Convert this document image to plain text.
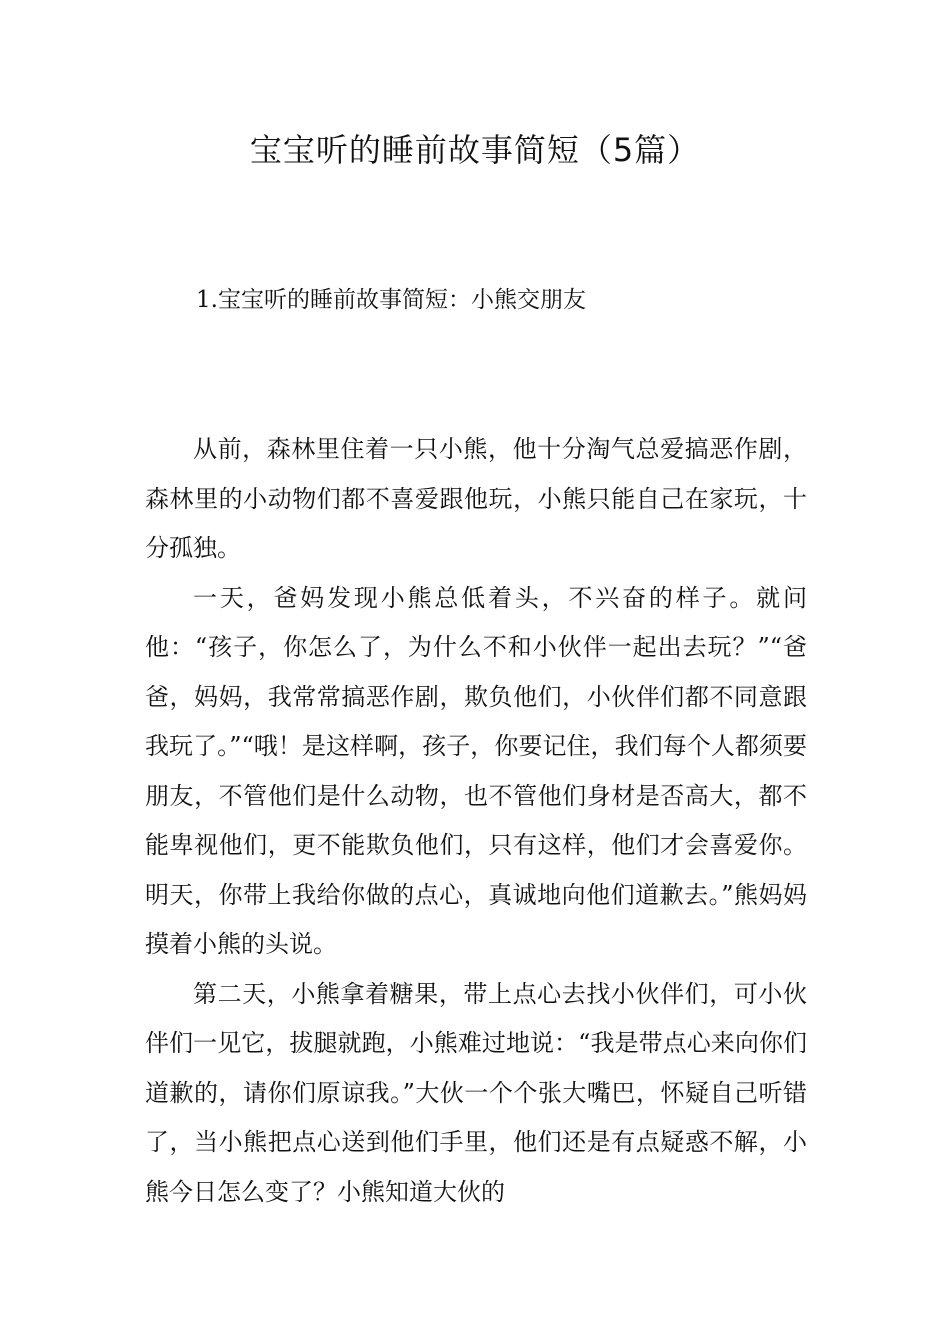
宝宝听的睡前故事简短（5篇）
1.宝宝听的睡前故事简短：小熊交朋友

从前，森林里住着一只小熊，他十分淘气总爱搞恶作剧，森林里的小动物们都不喜爱跟他玩，小熊只能自己在家玩，十分孤独。

一天，爸妈发现小熊总低着头，不兴奋的样子。就问他：“孩子，你怎么了，为什么不和小伙伴一起出去玩？”“爸爸，妈妈，我常常搞恶作剧，欺负他们，小伙伴们都不同意跟我玩了。”“哦！是这样啊，孩子，你要记住，我们每个人都须要朋友，不管他们是什么动物，也不管他们身材是否高大，都不能卑视他们，更不能欺负他们，只有这样，他们才会喜爱你。明天，你带上我给你做的点心，真诚地向他们道歉去。”熊妈妈摸着小熊的头说。

第二天，小熊拿着糖果，带上点心去找小伙伴们，可小伙伴们一见它，拔腿就跑，小熊难过地说：“我是带点心来向你们道歉的，请你们原谅我。”大伙一个个张大嘴巴，怀疑自己听错了，当小熊把点心送到他们手里，他们还是有点疑惑不解，小熊今日怎么变了？小熊知道大伙的
